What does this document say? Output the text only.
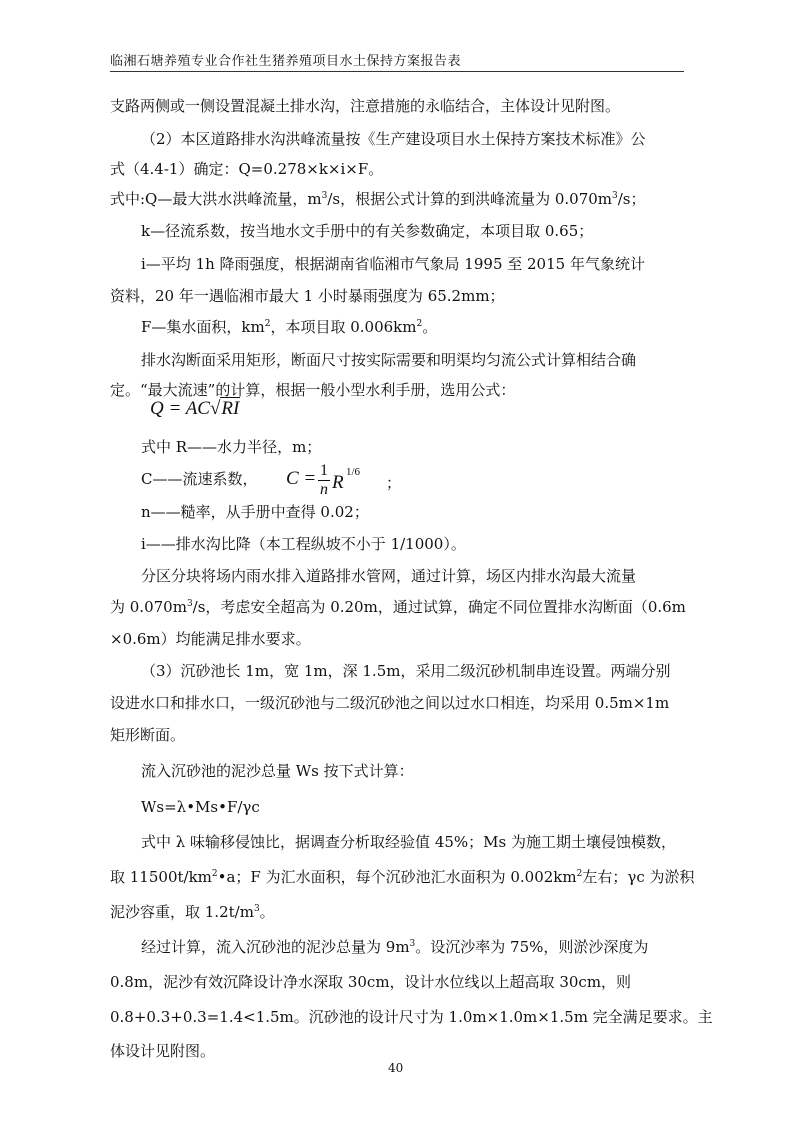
临湘石塘养殖专业合作社生猪养殖项目水土保持方案报告表
支路两侧或一侧设置混凝土排水沟，注意措施的永临结合，主体设计见附图。
（2）本区道路排水沟洪峰流量按《生产建设项目水土保持方案技术标准》公
式（4.4-1）确定：Q=0.278×k×i×F。
式中:Q—最大洪水洪峰流量，$m^3/s$，根据公式计算的到洪峰流量为 $0.070m^3/s$；
k—径流系数，按当地水文手册中的有关参数确定，本项目取 0.65；
i—平均 1h 降雨强度，根据湖南省临湘市气象局 1995 至 2015 年气象统计
资料，20 年一遇临湘市最大 1 小时暴雨强度为 65.2mm；
F—集水面积，$km^2$，本项目取 $0.006km^2$。
排水沟断面采用矩形，断面尺寸按实际需要和明渠均匀流公式计算相结合确
定。“最大流速”的计算，根据一般小型水利手册，选用公式：
Q = AC√RI
式中 R——水力半径，m；
C——流速系数， C = 1
n R 1/6
；
n——糙率，从手册中查得 0.02；
i——排水沟比降（本工程纵坡不小于 1/1000）。
分区分块将场内雨水排入道路排水管网，通过计算，场区内排水沟最大流量
为 $0.070m^3/s$，考虑安全超高为 0.20m，通过试算，确定不同位置排水沟断面（0.6m
×0.6m）均能满足排水要求。
（3）沉砂池长 1m，宽 1m，深 1.5m，采用二级沉砂机制串连设置。两端分别
设进水口和排水口，一级沉砂池与二级沉砂池之间以过水口相连，均采用 0.5m×1m
矩形断面。
流入沉砂池的泥沙总量 Ws 按下式计算：
Ws=λ•Ms•F/γc
式中 λ 味输移侵蚀比，据调查分析取经验值 45%；Ms 为施工期土壤侵蚀模数，
取 $11500t/km^2•a$；F 为汇水面积，每个沉砂池汇水面积为 $0.002km^2$左右；γc 为淤积
泥沙容重，取 $1.2t/m^3$。
经过计算，流入沉砂池的泥沙总量为 $9m^3$。设沉沙率为 75%，则淤沙深度为
0.8m，泥沙有效沉降设计净水深取 30cm，设计水位线以上超高取 30cm，则
0.8+0.3+0.3=1.4<1.5m。沉砂池的设计尺寸为 1.0m×1.0m×1.5m 完全满足要求。主
体设计见附图。
40
